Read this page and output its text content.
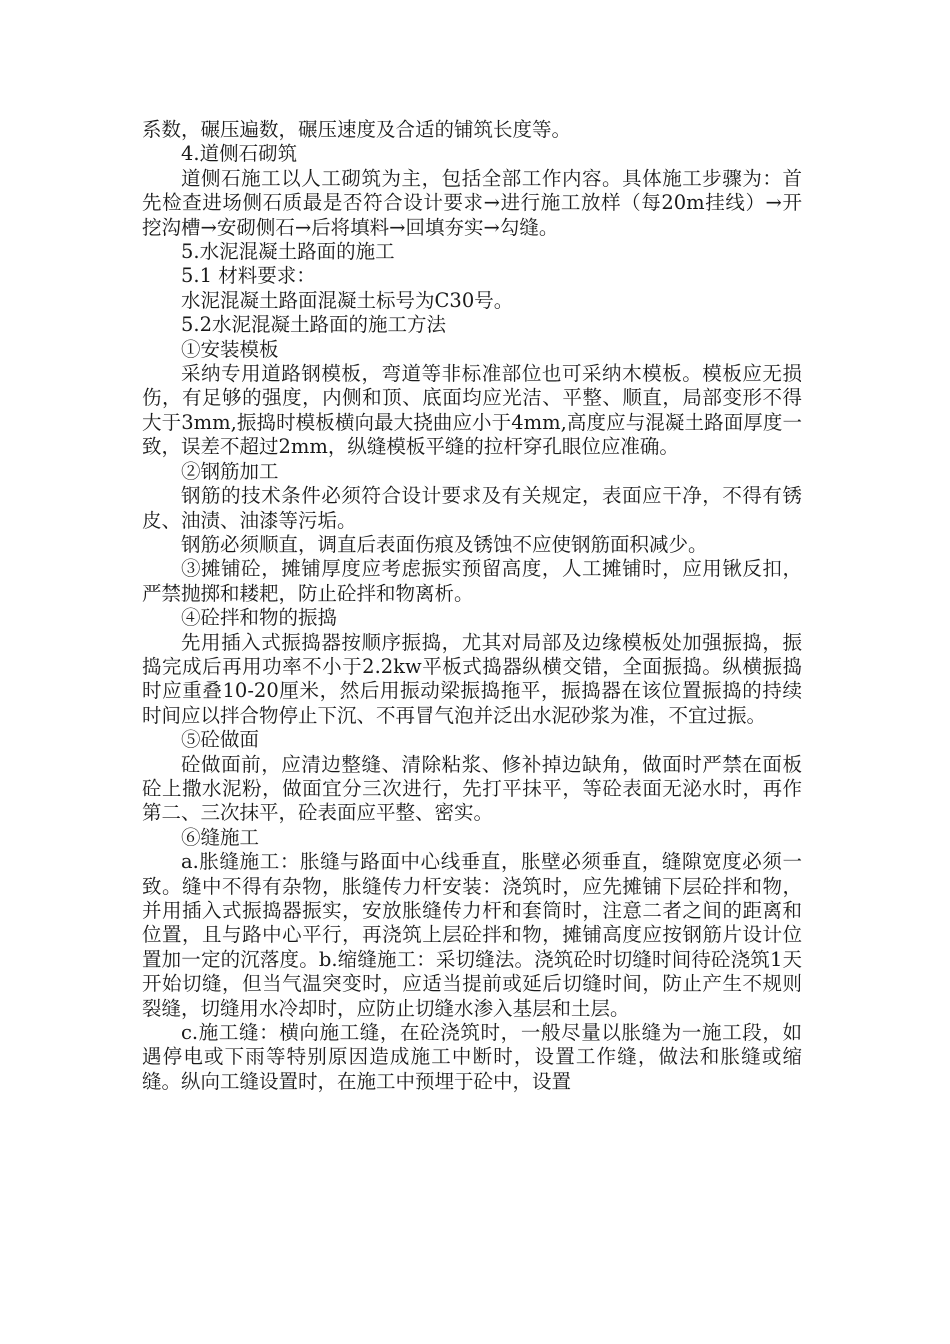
系数，碾压遍数，碾压速度及合适的铺筑长度等。

4.道侧石砌筑

道侧石施工以人工砌筑为主，包括全部工作内容。具体施工步骤为：首先检查进场侧石质最是否符合设计要求→进行施工放样（每20m挂线）→开挖沟槽→安砌侧石→后将填料→回填夯实→勾缝。

5.水泥混凝土路面的施工

5.1 材料要求：

水泥混凝土路面混凝土标号为C30号。

5.2水泥混凝土路面的施工方法

①安装模板

采纳专用道路钢模板，弯道等非标准部位也可采纳木模板。模板应无损伤，有足够的强度，内侧和顶、底面均应光洁、平整、顺直，局部变形不得大于3mm,振捣时模板横向最大挠曲应小于4mm,高度应与混凝土路面厚度一致，误差不超过2mm，纵缝模板平缝的拉杆穿孔眼位应准确。

②钢筋加工

钢筋的技术条件必须符合设计要求及有关规定，表面应干净，不得有锈皮、油渍、油漆等污垢。

钢筋必须顺直，调直后表面伤痕及锈蚀不应使钢筋面积减少。

③摊铺砼，摊铺厚度应考虑振实预留高度，人工摊铺时，应用锹反扣，严禁抛掷和耧耙，防止砼拌和物离析。

④砼拌和物的振捣

先用插入式振捣器按顺序振捣，尤其对局部及边缘模板处加强振捣，振捣完成后再用功率不小于2.2kw平板式捣器纵横交错，全面振捣。纵横振捣时应重叠10-20厘米，然后用振动梁振捣拖平，振捣器在该位置振捣的持续时间应以拌合物停止下沉、不再冒气泡并泛出水泥砂浆为准，不宜过振。

⑤砼做面

砼做面前，应清边整缝、清除粘浆、修补掉边缺角，做面时严禁在面板砼上撒水泥粉，做面宜分三次进行，先打平抹平，等砼表面无泌水时，再作第二、三次抹平，砼表面应平整、密实。

⑥缝施工

a.胀缝施工：胀缝与路面中心线垂直，胀壁必须垂直，缝隙宽度必须一致。缝中不得有杂物，胀缝传力杆安装：浇筑时，应先摊铺下层砼拌和物，并用插入式振捣器振实，安放胀缝传力杆和套筒时，注意二者之间的距离和位置，且与路中心平行，再浇筑上层砼拌和物，摊铺高度应按钢筋片设计位置加一定的沉落度。b.缩缝施工：采切缝法。浇筑砼时切缝时间待砼浇筑1天开始切缝，但当气温突变时，应适当提前或延后切缝时间，防止产生不规则裂缝，切缝用水冷却时，应防止切缝水渗入基层和土层。

c.施工缝：横向施工缝，在砼浇筑时，一般尽量以胀缝为一施工段，如遇停电或下雨等特别原因造成施工中断时，设置工作缝，做法和胀缝或缩缝。纵向工缝设置时，在施工中预埋于砼中，设置
